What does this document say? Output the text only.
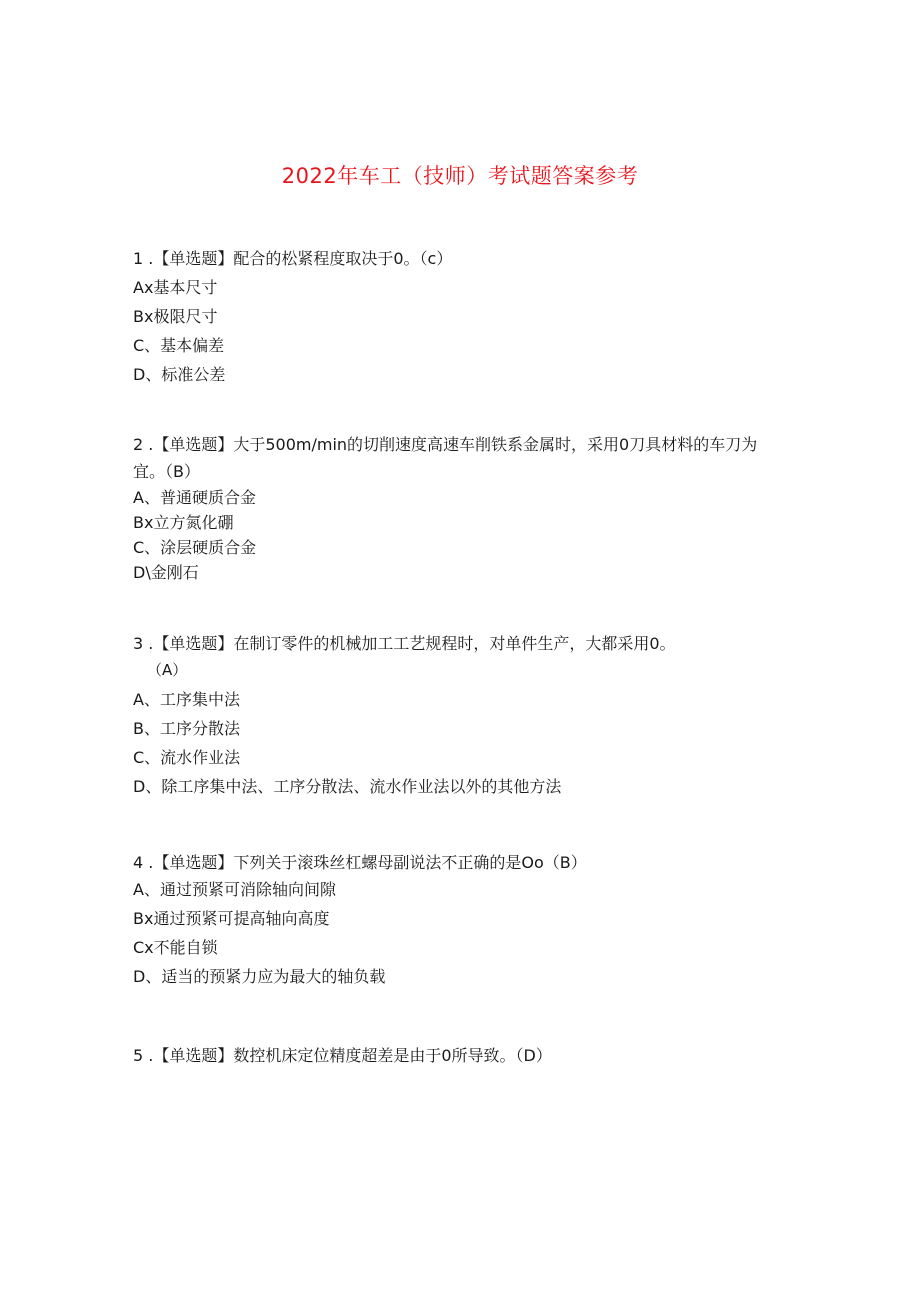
2022年车工（技师）考试题答案参考
1 .【单选题】配合的松紧程度取决于0。（c）
Ax基本尺寸
Bx极限尺寸
C、基本偏差
D、标准公差
2 .【单选题】大于500m∕min的切削速度高速车削铁系金属时，采用0刀具材料的车刀为
宜。（B）
A、普通硬质合金
Bx立方氮化硼
C、涂层硬质合金
D\金刚石
3 .【单选题】在制订零件的机械加工工艺规程时，对单件生产，大都采用0。
（A）
A、工序集中法
B、工序分散法
C、流水作业法
D、除工序集中法、工序分散法、流水作业法以外的其他方法
4 .【单选题】下列关于滚珠丝杠螺母副说法不正确的是Oo（B）
A、通过预紧可消除轴向间隙
Bx通过预紧可提高轴向高度
Cx不能自锁
D、适当的预紧力应为最大的轴负载
5 .【单选题】数控机床定位精度超差是由于0所导致。（D）
